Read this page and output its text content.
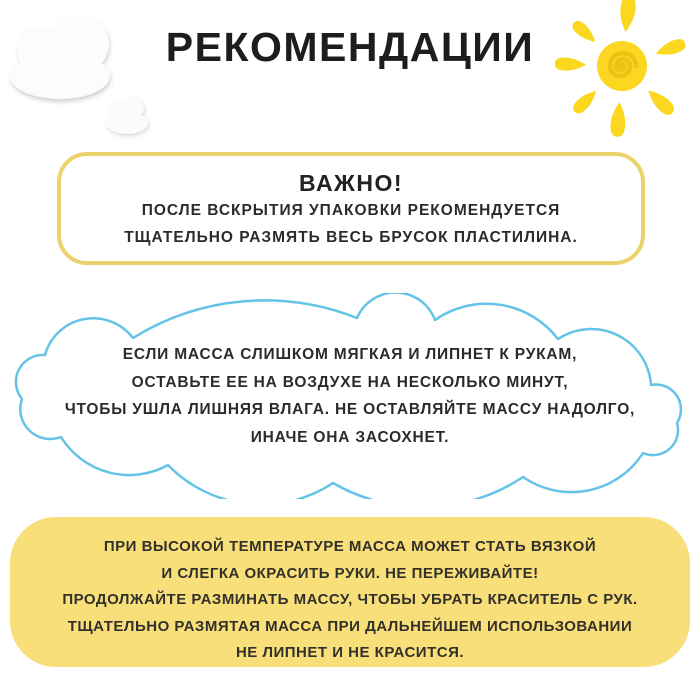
РЕКОМЕНДАЦИИ
ВАЖНО!
ПОСЛЕ ВСКРЫТИЯ УПАКОВКИ РЕКОМЕНДУЕТСЯ
ТЩАТЕЛЬНО РАЗМЯТЬ ВЕСЬ БРУСОК ПЛАСТИЛИНА.
ЕСЛИ МАССА СЛИШКОМ МЯГКАЯ И ЛИПНЕТ К РУКАМ,
ОСТАВЬТЕ ЕЕ НА ВОЗДУХЕ НА НЕСКОЛЬКО МИНУТ,
ЧТОБЫ УШЛА ЛИШНЯЯ ВЛАГА. НЕ ОСТАВЛЯЙТЕ МАССУ НАДОЛГО,
ИНАЧЕ ОНА ЗАСОХНЕТ.
ПРИ ВЫСОКОЙ ТЕМПЕРАТУРЕ МАССА МОЖЕТ СТАТЬ ВЯЗКОЙ
И СЛЕГКА ОКРАСИТЬ РУКИ. НЕ ПЕРЕЖИВАЙТЕ!
ПРОДОЛЖАЙТЕ РАЗМИНАТЬ МАССУ, ЧТОБЫ УБРАТЬ КРАСИТЕЛЬ С РУК.
ТЩАТЕЛЬНО РАЗМЯТАЯ МАССА ПРИ ДАЛЬНЕЙШЕМ ИСПОЛЬЗОВАНИИ
НЕ ЛИПНЕТ И НЕ КРАСИТСЯ.
